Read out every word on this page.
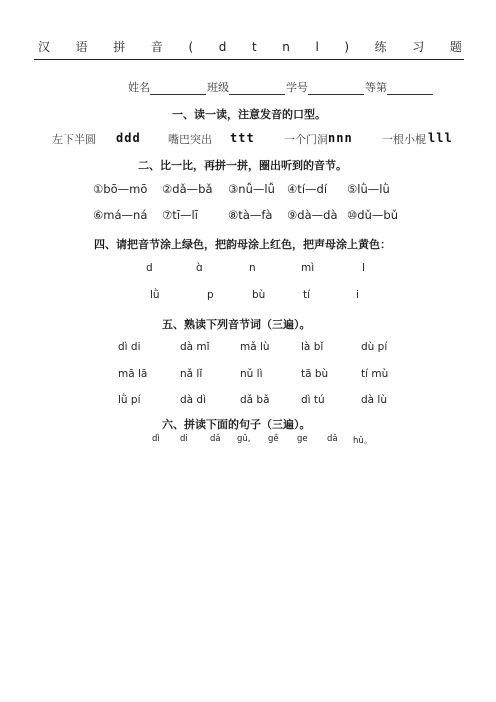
汉 语 拼 音 ( d t n l ) 练 习 题
姓名	班级	学号	等第
一、读一读，注意发音的口型。
左下半圆 ddd 嘴巴突出 ttt	一个门洞 nnn	一根小棍 lll
二、比一比，再拼一拼，圈出听到的音节。
①bō—mō ②dǎ—bǎ ③nǚ—lǚ ④tí—dí ⑤lǜ—lǜ
⑥má—ná ⑦tī—lī	⑧tà—fà ⑨dà—dà ⑩dǔ—bǔ
四、请把音节涂上绿色，把韵母涂上红色，把声母涂上黄色：
d	ɑ̀	n	mì	l
lǜ	p	bù	tí	i
五、熟读下列音节词（三遍）。
dì di	dà mǐ	mǎ lù	là bǐ	dù pí
mā lā	nǎ lǐ	nǔ lì	tā bù	tí mù
lǜ pí	dà dì	dǎ bǎ	dì tú	dà lù
六、拼读下面的句子（三遍）。
dì di	dǎ gǔ, gē ge dǎ hǔ。
